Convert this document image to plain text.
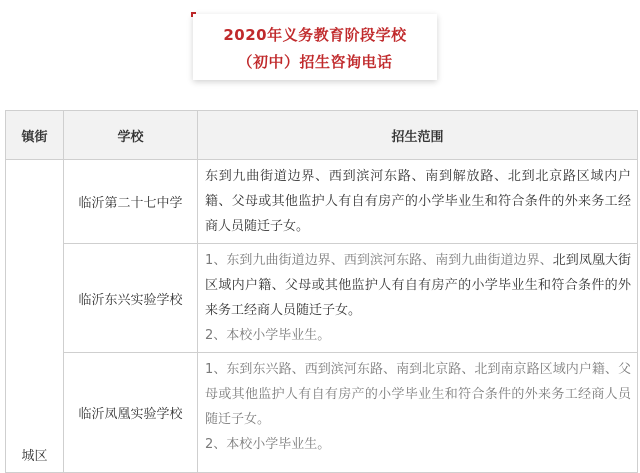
2020年义务教育阶段学校
（初中）招生咨询电话
镇街	学校	招生范围
城区	临沂第二十七中学	东到九曲街道边界、西到滨河东路、南到解放路、北到北京路区域内户籍、父母或其他监护人有自有房产的小学毕业生和符合条件的外来务工经商人员随迁子女。

	临沂东兴实验学校	1、东到九曲街道边界、西到滨河东路、南到九曲街道边界、北到凤凰大街区域内户籍、父母或其他监护人有自有房产的小学毕业生和符合条件的外来务工经商人员随迁子女。

2、本校小学毕业生。

	临沂凤凰实验学校	1、东到东兴路、西到滨河东路、南到北京路、北到南京路区域内户籍、父母或其他监护人有自有房产的小学毕业生和符合条件的外来务工经商人员随迁子女。

2、本校小学毕业生。
